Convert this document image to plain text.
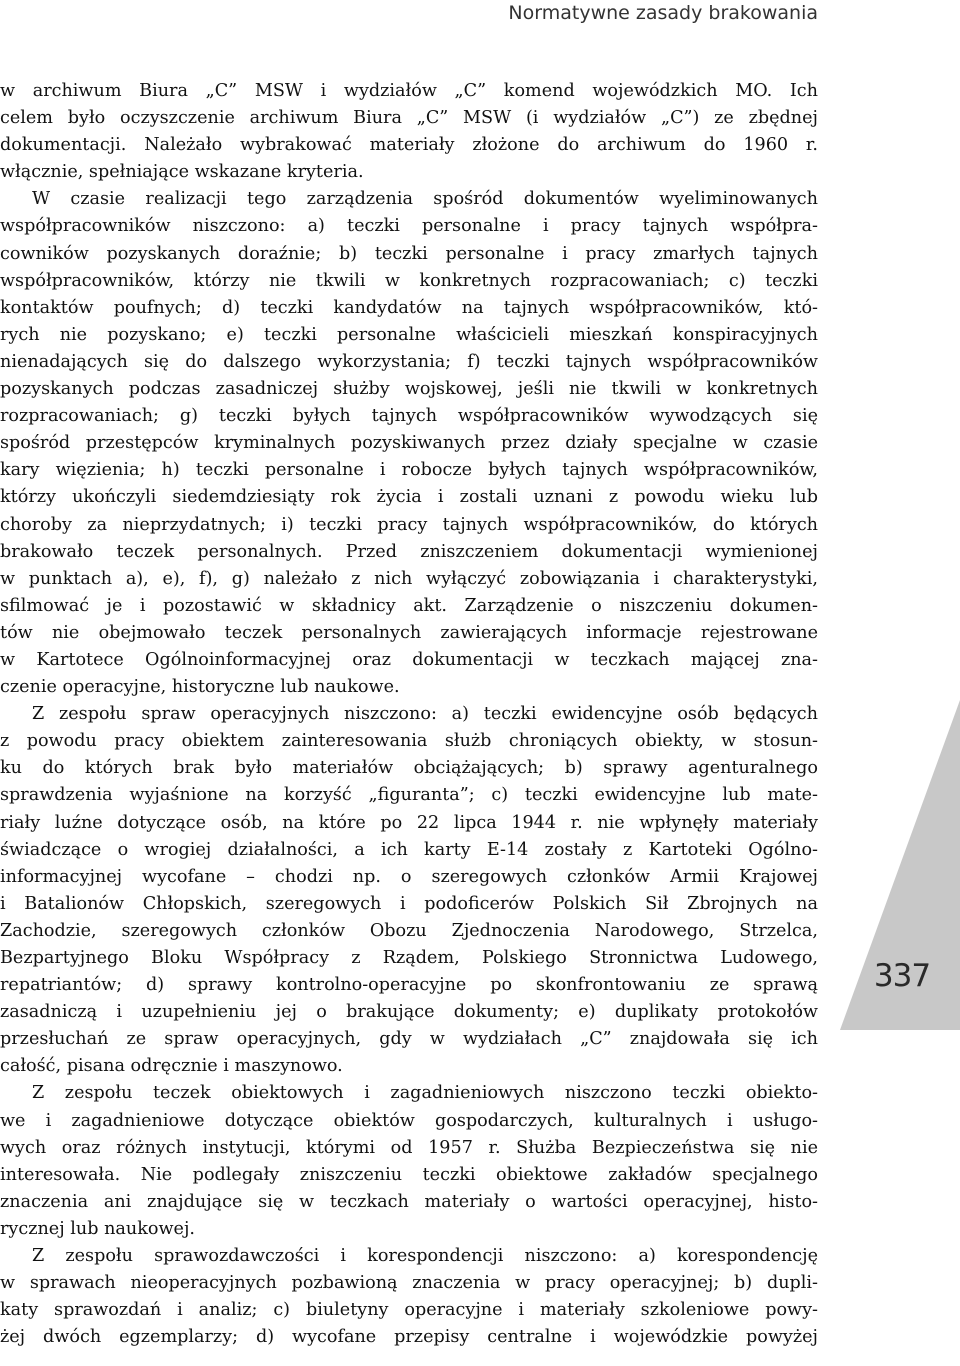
Normatywne zasady brakowania
w archiwum Biura „C” MSW i wydziałów „C” komend wojewódzkich MO. Ich
celem było oczyszczenie archiwum Biura „C” MSW (i wydziałów „C”) ze zbędnej
dokumentacji. Należało wybrakować materiały złożone do archiwum do 1960 r.
włącznie, spełniające wskazane kryteria.
W czasie realizacji tego zarządzenia spośród dokumentów wyeliminowanych
współpracowników niszczono: a) teczki personalne i pracy tajnych współpra-
cowników pozyskanych doraźnie; b) teczki personalne i pracy zmarłych tajnych
współpracowników, którzy nie tkwili w konkretnych rozpracowaniach; c) teczki
kontaktów poufnych; d) teczki kandydatów na tajnych współpracowników, któ-
rych nie pozyskano; e) teczki personalne właścicieli mieszkań konspiracyjnych
nienadających się do dalszego wykorzystania; f) teczki tajnych współpracowników
pozyskanych podczas zasadniczej służby wojskowej, jeśli nie tkwili w konkretnych
rozpracowaniach; g) teczki byłych tajnych współpracowników wywodzących się
spośród przestępców kryminalnych pozyskiwanych przez działy specjalne w czasie
kary więzienia; h) teczki personalne i robocze byłych tajnych współpracowników,
którzy ukończyli siedemdziesiąty rok życia i zostali uznani z powodu wieku lub
choroby za nieprzydatnych; i) teczki pracy tajnych współpracowników, do których
brakowało teczek personalnych. Przed zniszczeniem dokumentacji wymienionej
w punktach a), e), f), g) należało z nich wyłączyć zobowiązania i charakterystyki,
sfilmować je i pozostawić w składnicy akt. Zarządzenie o niszczeniu dokumen-
tów nie obejmowało teczek personalnych zawierających informacje rejestrowane
w Kartotece Ogólnoinformacyjnej oraz dokumentacji w teczkach mającej zna-
czenie operacyjne, historyczne lub naukowe.
Z zespołu spraw operacyjnych niszczono: a) teczki ewidencyjne osób będących
z powodu pracy obiektem zainteresowania służb chroniących obiekty, w stosun-
ku do których brak było materiałów obciążających; b) sprawy agenturalnego
sprawdzenia wyjaśnione na korzyść „figuranta”; c) teczki ewidencyjne lub mate-
riały luźne dotyczące osób, na które po 22 lipca 1944 r. nie wpłynęły materiały
świadczące o wrogiej działalności, a ich karty E-14 zostały z Kartoteki Ogólno-
informacyjnej wycofane – chodzi np. o szeregowych członków Armii Krajowej
i Batalionów Chłopskich, szeregowych i podoficerów Polskich Sił Zbrojnych na
Zachodzie, szeregowych członków Obozu Zjednoczenia Narodowego, Strzelca,
Bezpartyjnego Bloku Współpracy z Rządem, Polskiego Stronnictwa Ludowego,
repatriantów; d) sprawy kontrolno-operacyjne po skonfrontowaniu ze sprawą
zasadniczą i uzupełnieniu jej o brakujące dokumenty; e) duplikaty protokołów
przesłuchań ze spraw operacyjnych, gdy w wydziałach „C” znajdowała się ich
całość, pisana odręcznie i maszynowo.
Z zespołu teczek obiektowych i zagadnieniowych niszczono teczki obiekto-
we i zagadnieniowe dotyczące obiektów gospodarczych, kulturalnych i usługo-
wych oraz różnych instytucji, którymi od 1957 r. Służba Bezpieczeństwa się nie
interesowała. Nie podlegały zniszczeniu teczki obiektowe zakładów specjalnego
znaczenia ani znajdujące się w teczkach materiały o wartości operacyjnej, histo-
rycznej lub naukowej.
Z zespołu sprawozdawczości i korespondencji niszczono: a) korespondencję
w sprawach nieoperacyjnych pozbawioną znaczenia w pracy operacyjnej; b) dupli-
katy sprawozdań i analiz; c) biuletyny operacyjne i materiały szkoleniowe powy-
żej dwóch egzemplarzy; d) wycofane przepisy centralne i wojewódzkie powyżej
337
